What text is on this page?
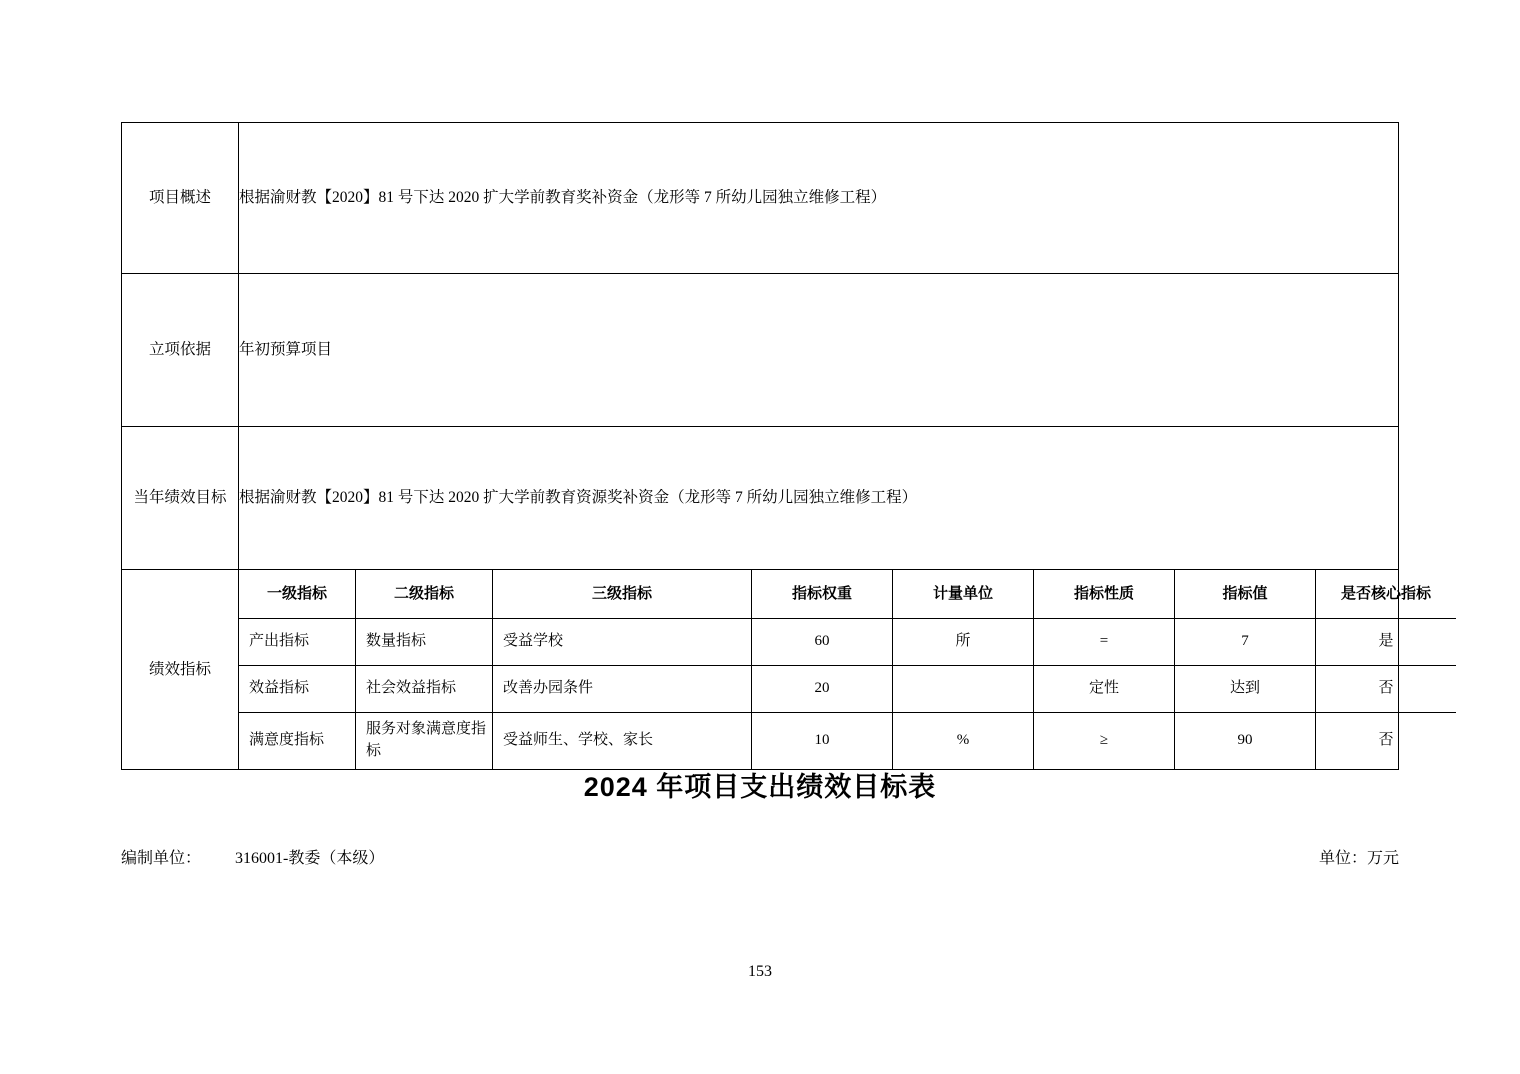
项目概述	根据渝财教【2020】81 号下达 2020 扩大学前教育奖补资金（龙形等 7 所幼儿园独立维修工程）
立项依据	年初预算项目
当年绩效目标	根据渝财教【2020】81 号下达 2020 扩大学前教育资源奖补资金（龙形等 7 所幼儿园独立维修工程）
绩效指标	
一级指标	二级指标	三级指标	指标权重	计量单位	指标性质	指标值	是否核心指标
产出指标	数量指标	受益学校	60	所	=	7	是
效益指标	社会效益指标	改善办园条件	20		定性	达到	否
满意度指标	服务对象满意度指标	受益师生、学校、家长	10	%	≥	90	否
2024 年项目支出绩效目标表
编制单位： 316001-教委（本级）	单位：万元
153
